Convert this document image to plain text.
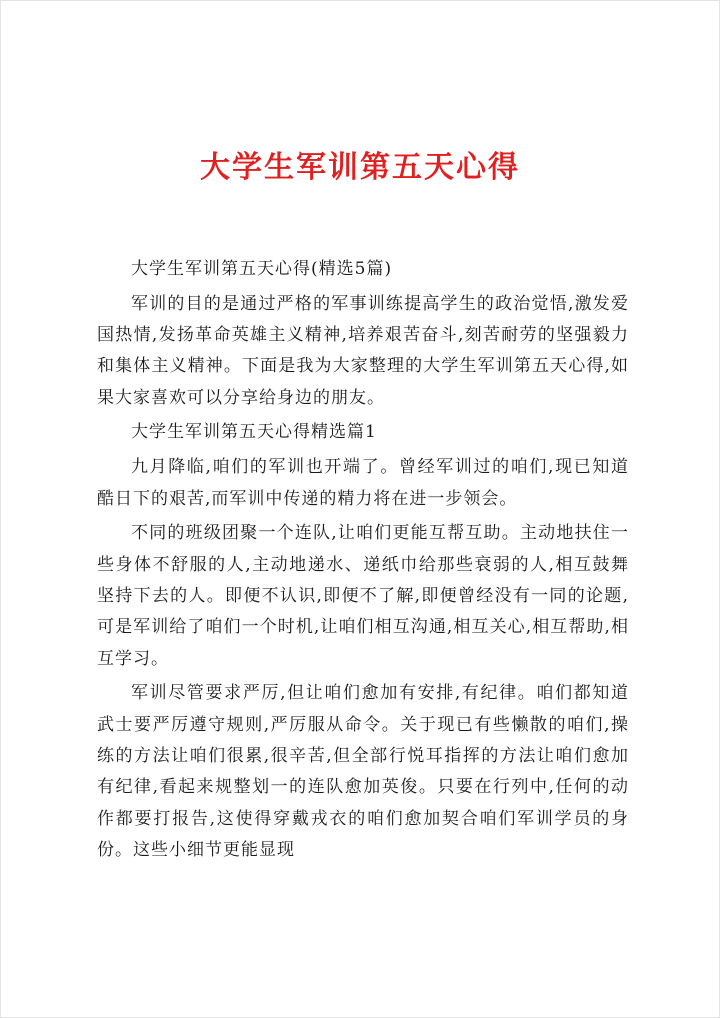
大学生军训第五天心得

大学生军训第五天心得(精选5篇)

军训的目的是通过严格的军事训练提高学生的政治觉悟,激发爱国热情,发扬革命英雄主义精神,培养艰苦奋斗,刻苦耐劳的坚强毅力和集体主义精神。下面是我为大家整理的大学生军训第五天心得,如果大家喜欢可以分享给身边的朋友。

大学生军训第五天心得精选篇1

九月降临,咱们的军训也开端了。曾经军训过的咱们,现已知道酷日下的艰苦,而军训中传递的精力将在进一步领会。

不同的班级团聚一个连队,让咱们更能互帮互助。主动地扶住一些身体不舒服的人,主动地递水、递纸巾给那些衰弱的人,相互鼓舞坚持下去的人。即便不认识,即便不了解,即便曾经没有一同的论题,可是军训给了咱们一个时机,让咱们相互沟通,相互关心,相互帮助,相互学习。

军训尽管要求严厉,但让咱们愈加有安排,有纪律。咱们都知道武士要严厉遵守规则,严厉服从命令。关于现已有些懒散的咱们,操练的方法让咱们很累,很辛苦,但全部行悦耳指挥的方法让咱们愈加有纪律,看起来规整划一的连队愈加英俊。只要在行列中,任何的动作都要打报告,这使得穿戴戎衣的咱们愈加契合咱们军训学员的身份。这些小细节更能显现
